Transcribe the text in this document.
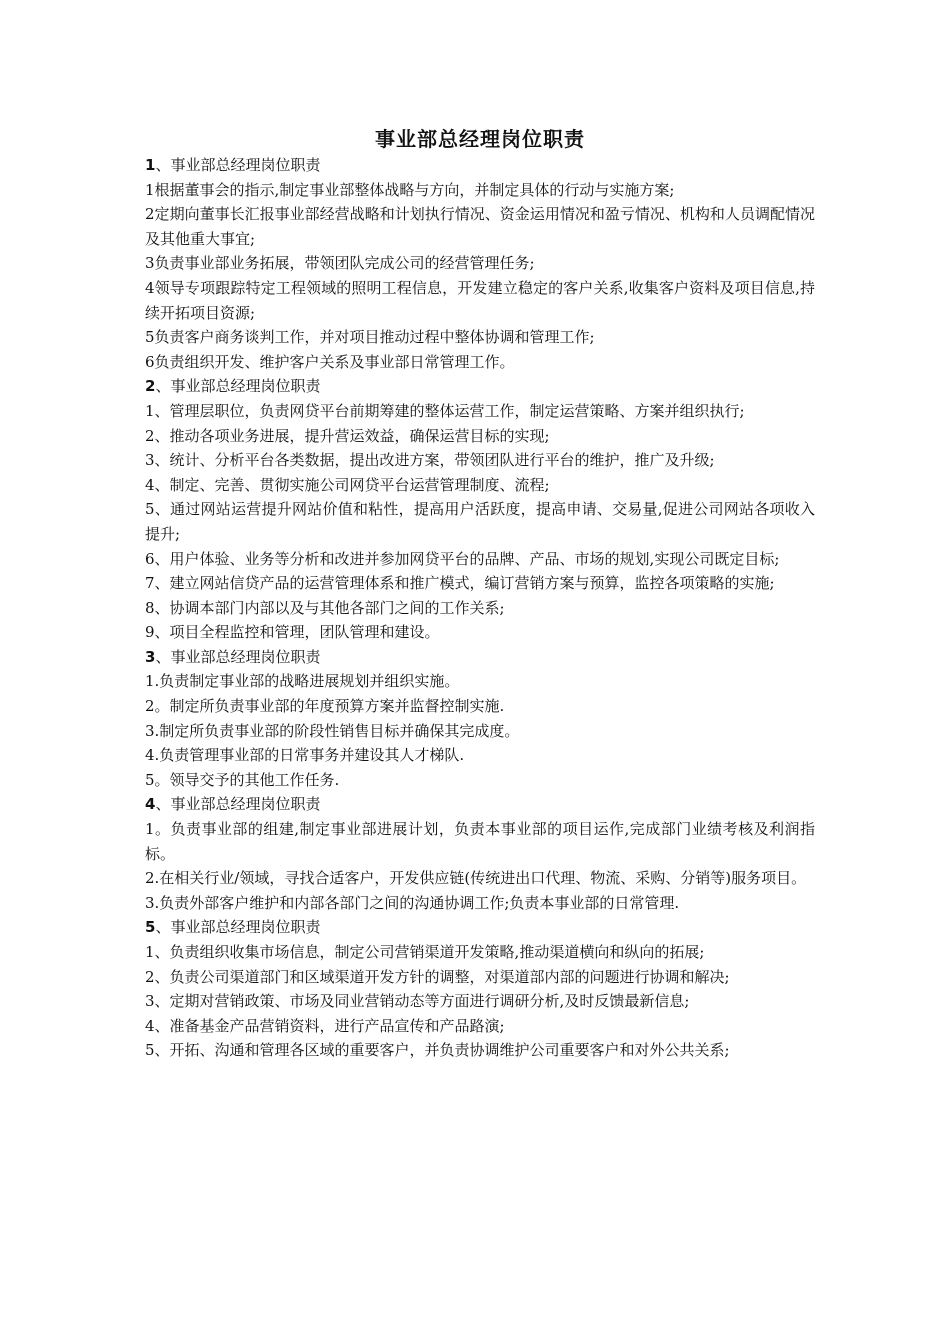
事业部总经理岗位职责

1、事业部总经理岗位职责

1根据董事会的指示,制定事业部整体战略与方向，并制定具体的行动与实施方案;

2定期向董事长汇报事业部经营战略和计划执行情况、资金运用情况和盈亏情况、机构和人员调配情况及其他重大事宜;

3负责事业部业务拓展，带领团队完成公司的经营管理任务;

4领导专项跟踪特定工程领域的照明工程信息，开发建立稳定的客户关系,收集客户资料及项目信息,持续开拓项目资源;

5负责客户商务谈判工作，并对项目推动过程中整体协调和管理工作;

6负责组织开发、维护客户关系及事业部日常管理工作。

2、事业部总经理岗位职责

1、管理层职位，负责网贷平台前期筹建的整体运营工作，制定运营策略、方案并组织执行;

2、推动各项业务进展，提升营运效益，确保运营目标的实现;

3、统计、分析平台各类数据，提出改进方案，带领团队进行平台的维护，推广及升级;

4、制定、完善、贯彻实施公司网贷平台运营管理制度、流程;

5、通过网站运营提升网站价值和粘性，提高用户活跃度，提高申请、交易量,促进公司网站各项收入提升;

6、用户体验、业务等分析和改进并参加网贷平台的品牌、产品、市场的规划,实现公司既定目标;

7、建立网站信贷产品的运营管理体系和推广模式，编订营销方案与预算，监控各项策略的实施;

8、协调本部门内部以及与其他各部门之间的工作关系;

9、项目全程监控和管理，团队管理和建设。

3、事业部总经理岗位职责

1.负责制定事业部的战略进展规划并组织实施。

2。制定所负责事业部的年度预算方案并监督控制实施.

3.制定所负责事业部的阶段性销售目标并确保其完成度。

4.负责管理事业部的日常事务并建设其人才梯队.

5。领导交予的其他工作任务.

4、事业部总经理岗位职责

1。负责事业部的组建,制定事业部进展计划，负责本事业部的项目运作,完成部门业绩考核及利润指标。

2.在相关行业/领域，寻找合适客户，开发供应链(传统进出口代理、物流、采购、分销等)服务项目。

3.负责外部客户维护和内部各部门之间的沟通协调工作;负责本事业部的日常管理.

5、事业部总经理岗位职责

1、负责组织收集市场信息，制定公司营销渠道开发策略,推动渠道横向和纵向的拓展;

2、负责公司渠道部门和区域渠道开发方针的调整，对渠道部内部的问题进行协调和解决;

3、定期对营销政策、市场及同业营销动态等方面进行调研分析,及时反馈最新信息;

4、准备基金产品营销资料，进行产品宣传和产品路演;

5、开拓、沟通和管理各区域的重要客户，并负责协调维护公司重要客户和对外公共关系;
